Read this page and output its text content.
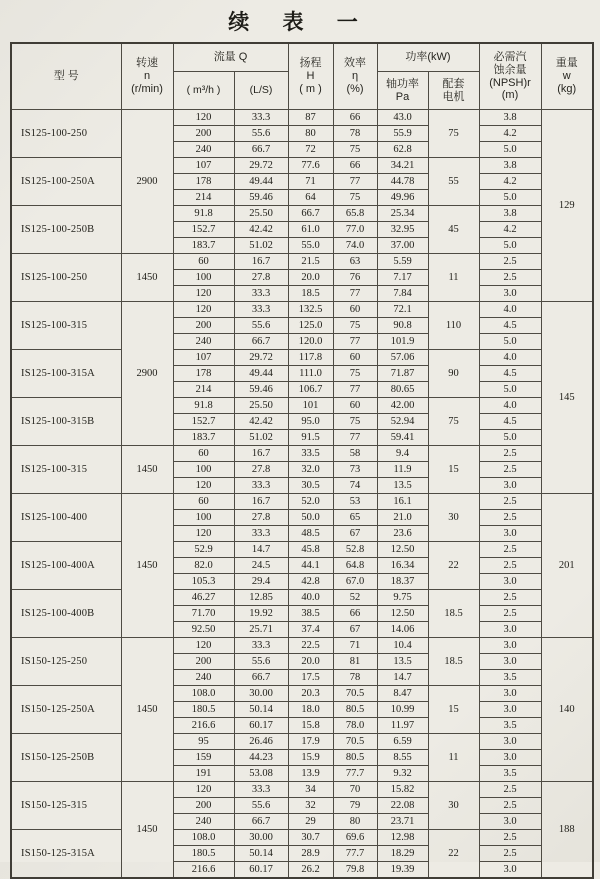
续 表 一
型 号	转速
n
(r/min)	流量 Q		扬程
H
( m )	效率
η
(%)	功率(kW)		必需汽
蚀余量
(NPSH)r
(m)	重量
w
(kg)

		( m³/h )	(L/S)			轴功率
Pa	配套
电机		

IS125-100-250	2900	120	33.3	87	66	43.0	75	3.8	129
		200	55.6	80	78	55.9		4.2	
		240	66.7	72	75	62.8		5.0	
IS125-100-250A		107	29.72	77.6	66	34.21	55	3.8	
		178	49.44	71	77	44.78		4.2	
		214	59.46	64	75	49.96		5.0	
IS125-100-250B		91.8	25.50	66.7	65.8	25.34	45	3.8	
		152.7	42.42	61.0	77.0	32.95		4.2	
		183.7	51.02	55.0	74.0	37.00		5.0	
IS125-100-250	1450	60	16.7	21.5	63	5.59	11	2.5	
		100	27.8	20.0	76	7.17		2.5	
		120	33.3	18.5	77	7.84		3.0	
IS125-100-315	2900	120	33.3	132.5	60	72.1	110	4.0	145
		200	55.6	125.0	75	90.8		4.5	
		240	66.7	120.0	77	101.9		5.0	
IS125-100-315A		107	29.72	117.8	60	57.06	90	4.0	
		178	49.44	111.0	75	71.87		4.5	
		214	59.46	106.7	77	80.65		5.0	
IS125-100-315B		91.8	25.50	101	60	42.00	75	4.0	
		152.7	42.42	95.0	75	52.94		4.5	
		183.7	51.02	91.5	77	59.41		5.0	
IS125-100-315	1450	60	16.7	33.5	58	9.4	15	2.5	
		100	27.8	32.0	73	11.9		2.5	
		120	33.3	30.5	74	13.5		3.0	
IS125-100-400	1450	60	16.7	52.0	53	16.1	30	2.5	201
		100	27.8	50.0	65	21.0		2.5	
		120	33.3	48.5	67	23.6		3.0	
IS125-100-400A		52.9	14.7	45.8	52.8	12.50	22	2.5	
		82.0	24.5	44.1	64.8	16.34		2.5	
		105.3	29.4	42.8	67.0	18.37		3.0	
IS125-100-400B		46.27	12.85	40.0	52	9.75	18.5	2.5	
		71.70	19.92	38.5	66	12.50		2.5	
		92.50	25.71	37.4	67	14.06		3.0	
IS150-125-250	1450	120	33.3	22.5	71	10.4	18.5	3.0	140
		200	55.6	20.0	81	13.5		3.0	
		240	66.7	17.5	78	14.7		3.5	
IS150-125-250A		108.0	30.00	20.3	70.5	8.47	15	3.0	
		180.5	50.14	18.0	80.5	10.99		3.0	
		216.6	60.17	15.8	78.0	11.97		3.5	
IS150-125-250B		95	26.46	17.9	70.5	6.59	11	3.0	
		159	44.23	15.9	80.5	8.55		3.0	
		191	53.08	13.9	77.7	9.32		3.5	
IS150-125-315	1450	120	33.3	34	70	15.82	30	2.5	188
		200	55.6	32	79	22.08		2.5	
		240	66.7	29	80	23.71		3.0	
IS150-125-315A		108.0	30.00	30.7	69.6	12.98	22	2.5	
		180.5	50.14	28.9	77.7	18.29		2.5	
		216.6	60.17	26.2	79.8	19.39		3.0	
